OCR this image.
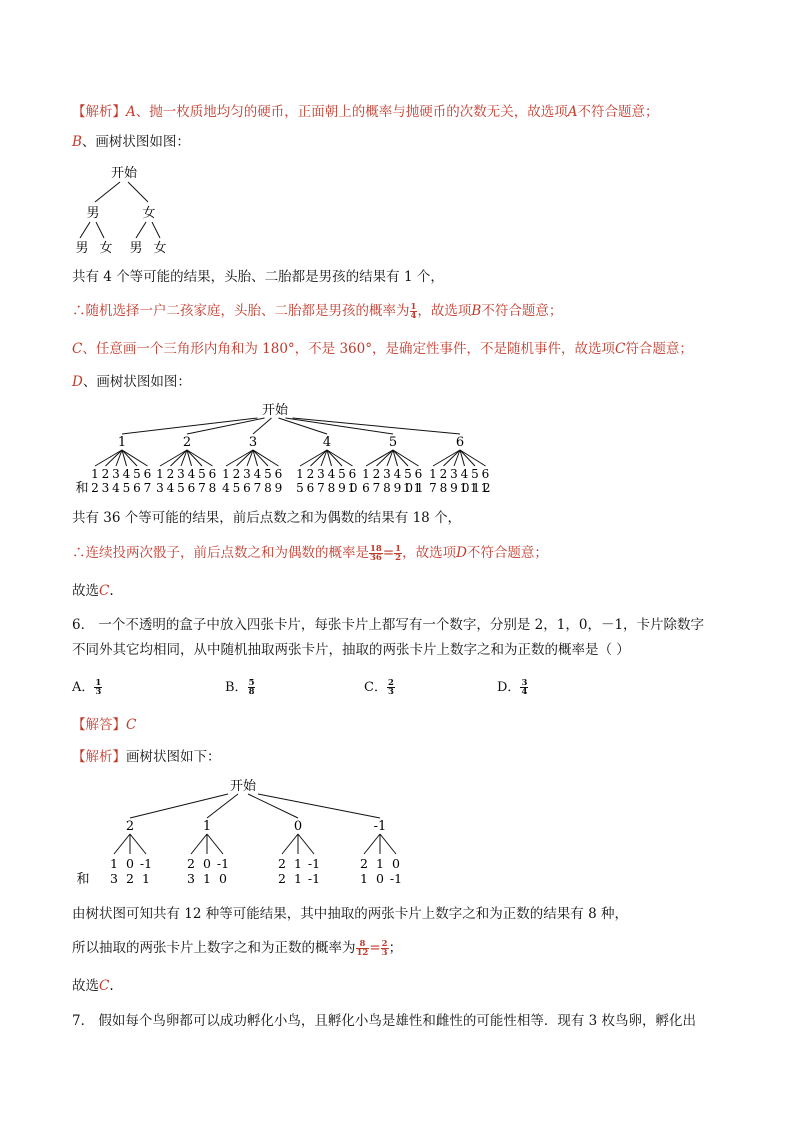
【解析】A、抛一枚质地均匀的硬币，正面朝上的概率与抛硬币的次数无关，故选项A不符合题意；
B、画树状图如图：
开始
男	女
男 女 男 女
共有 4 个等可能的结果，头胎、二胎都是男孩的结果有 1 个，
∴随机选择一户二孩家庭，头胎、二胎都是男孩的概率为 $\frac{1}{4}$ ，故选项B不符合题意；
C、任意画一个三角形内角和为 180°，不是 360°，是确定性事件，不是随机事件，故选项C符合题意；
D、画树状图如图：
开始
1
1
2
2
3
3
4
4
5
5
6
6
7
2
1
3
2
4
3
5
4
6
5
7
6
8
3
1
4
2
5
3
6
4
7
5
8
6
9
4
1
5
2
6
3
7
4
8
5
9
6
10
5
1
6
2
7
3
8
4
9
5
10
6
11
6
1
7
2
8
3
9
4
10
5
11
6
12
和
共有 36 个等可能的结果，前后点数之和为偶数的结果有 18 个，
∴连续投两次骰子，前后点数之和为偶数的概率是 $\frac{18}{36} = \frac{1}{2}$ ，故选项D不符合题意；
故选C.
6． 一个不透明的盒子中放入四张卡片，每张卡片上都写有一个数字，分别是 2，1，0，－1，卡片除数字
不同外其它均相同，从中随机抽取两张卡片，抽取的两张卡片上数字之和为正数的概率是（ ）
A． $\frac{1}{3}$	B． $\frac{5}{8}$	C． $\frac{2}{3}$	D． $\frac{3}{4}$
【解答】C
【解析】画树状图如下：
开始
2
1
3
0
2
-1
1
1
2
3
0
1
-1
0
0
2
2
1
1
-1
-1
-1
2
1
1
0
0
-1
和
由树状图可知共有 12 种等可能结果，其中抽取的两张卡片上数字之和为正数的结果有 8 种，
所以抽取的两张卡片上数字之和为正数的概率为 $\frac{8}{12} = \frac{2}{3}$ ；
故选C.
7． 假如每个鸟卵都可以成功孵化小鸟，且孵化小鸟是雄性和雌性的可能性相等．现有 3 枚鸟卵，孵化出
